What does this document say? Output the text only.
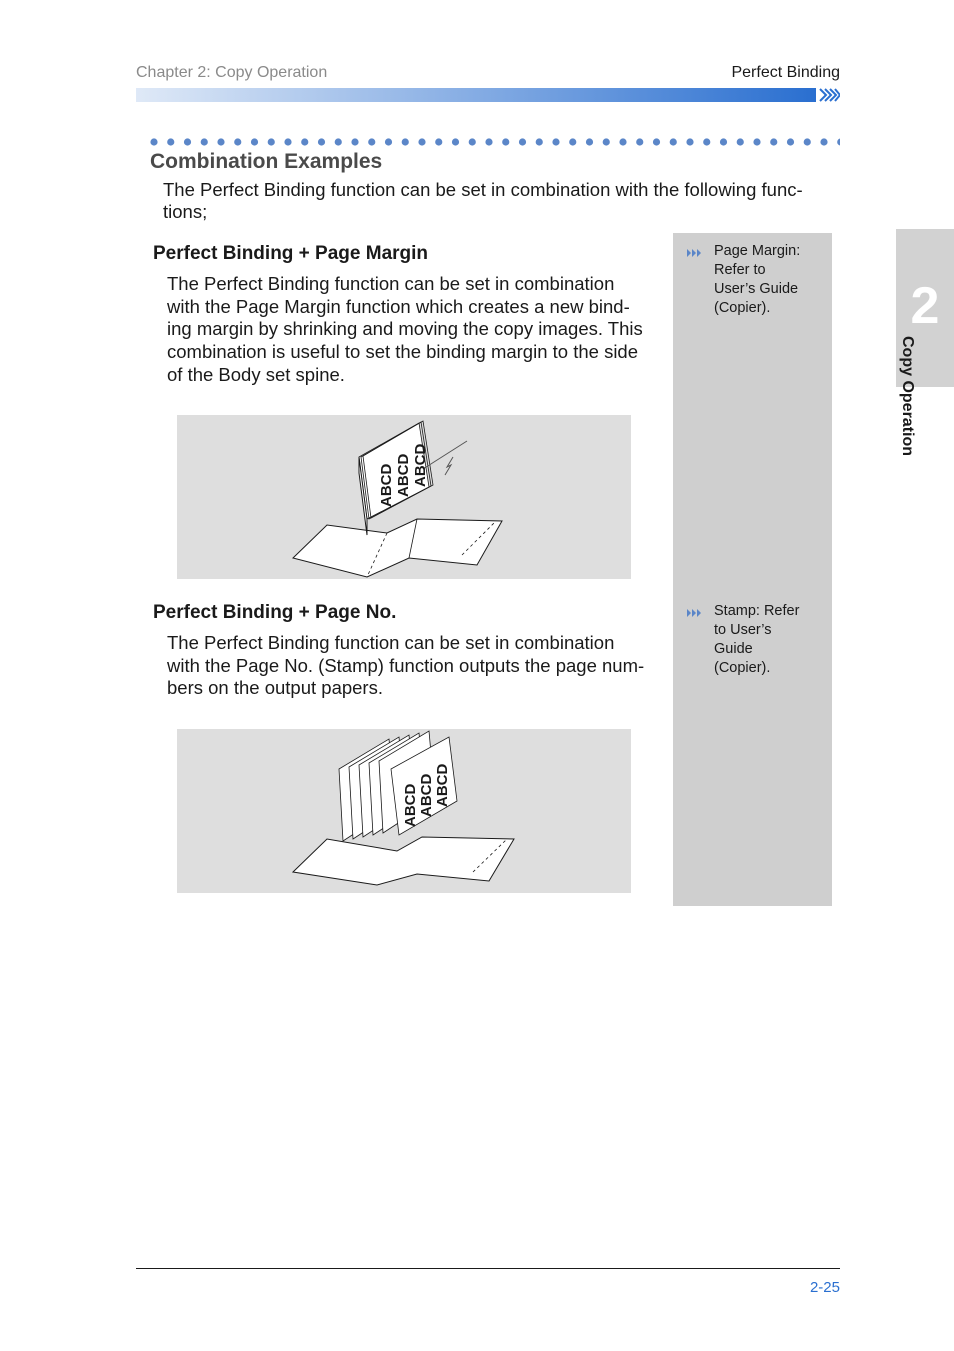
Chapter 2: Copy Operation	Perfect Binding
Combination Examples
The Perfect Binding function can be set in combination with the following func-
tions;
Page Margin:
Refer to
User’s Guide
(Copier).
Stamp: Refer
to User’s
Guide
(Copier).
Perfect Binding + Page Margin
The Perfect Binding function can be set in combination
with the Page Margin function which creates a new bind-
ing margin by shrinking and moving the copy images. This
combination is useful to set the binding margin to the side
of the Body set spine.
ABCD ABCD ABCD
Perfect Binding + Page No.
The Perfect Binding function can be set in combination
with the Page No. (Stamp) function outputs the page num-
bers on the output papers.
ABCD ABCD ABCD
2
Copy Operation
2-25
